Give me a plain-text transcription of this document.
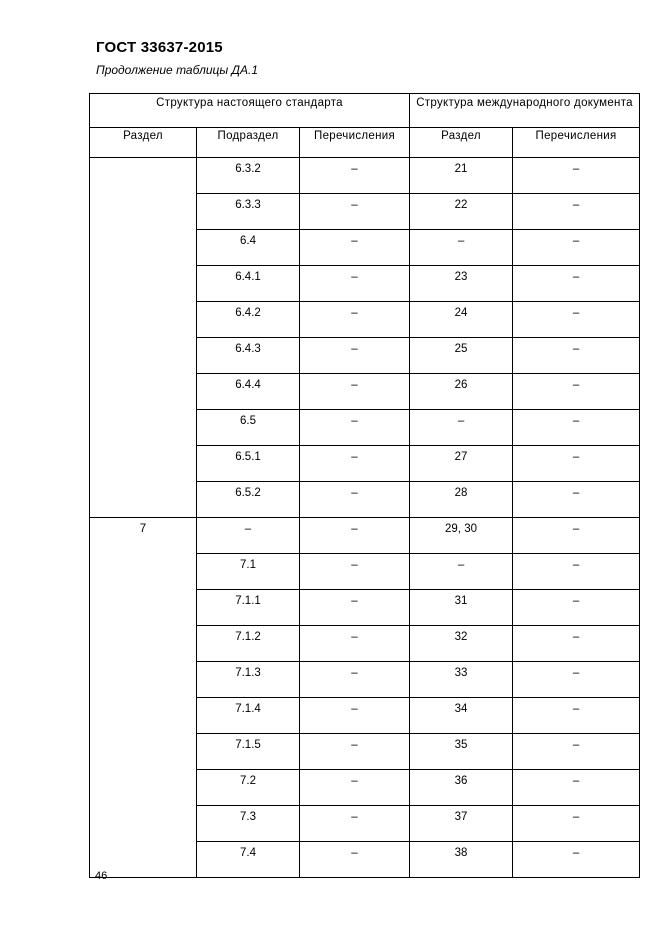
ГОСТ 33637-2015
Продолжение таблицы ДА.1
Структура настоящего стандарта			Структура международного документа	
Раздел	Подраздел	Перечисления	Раздел	Перечисления
	6.3.2	–	21	–
	6.3.3	–	22	–
	6.4	–	–	–
	6.4.1	–	23	–
	6.4.2	–	24	–
	6.4.3	–	25	–
	6.4.4	–	26	–
	6.5	–	–	–
	6.5.1	–	27	–
	6.5.2	–	28	–
7	–	–	29, 30	–
	7.1	–	–	–
	7.1.1	–	31	–
	7.1.2	–	32	–
	7.1.3	–	33	–
	7.1.4	–	34	–
	7.1.5	–	35	–
	7.2	–	36	–
	7.3	–	37	–
	7.4	–	38	–
46
